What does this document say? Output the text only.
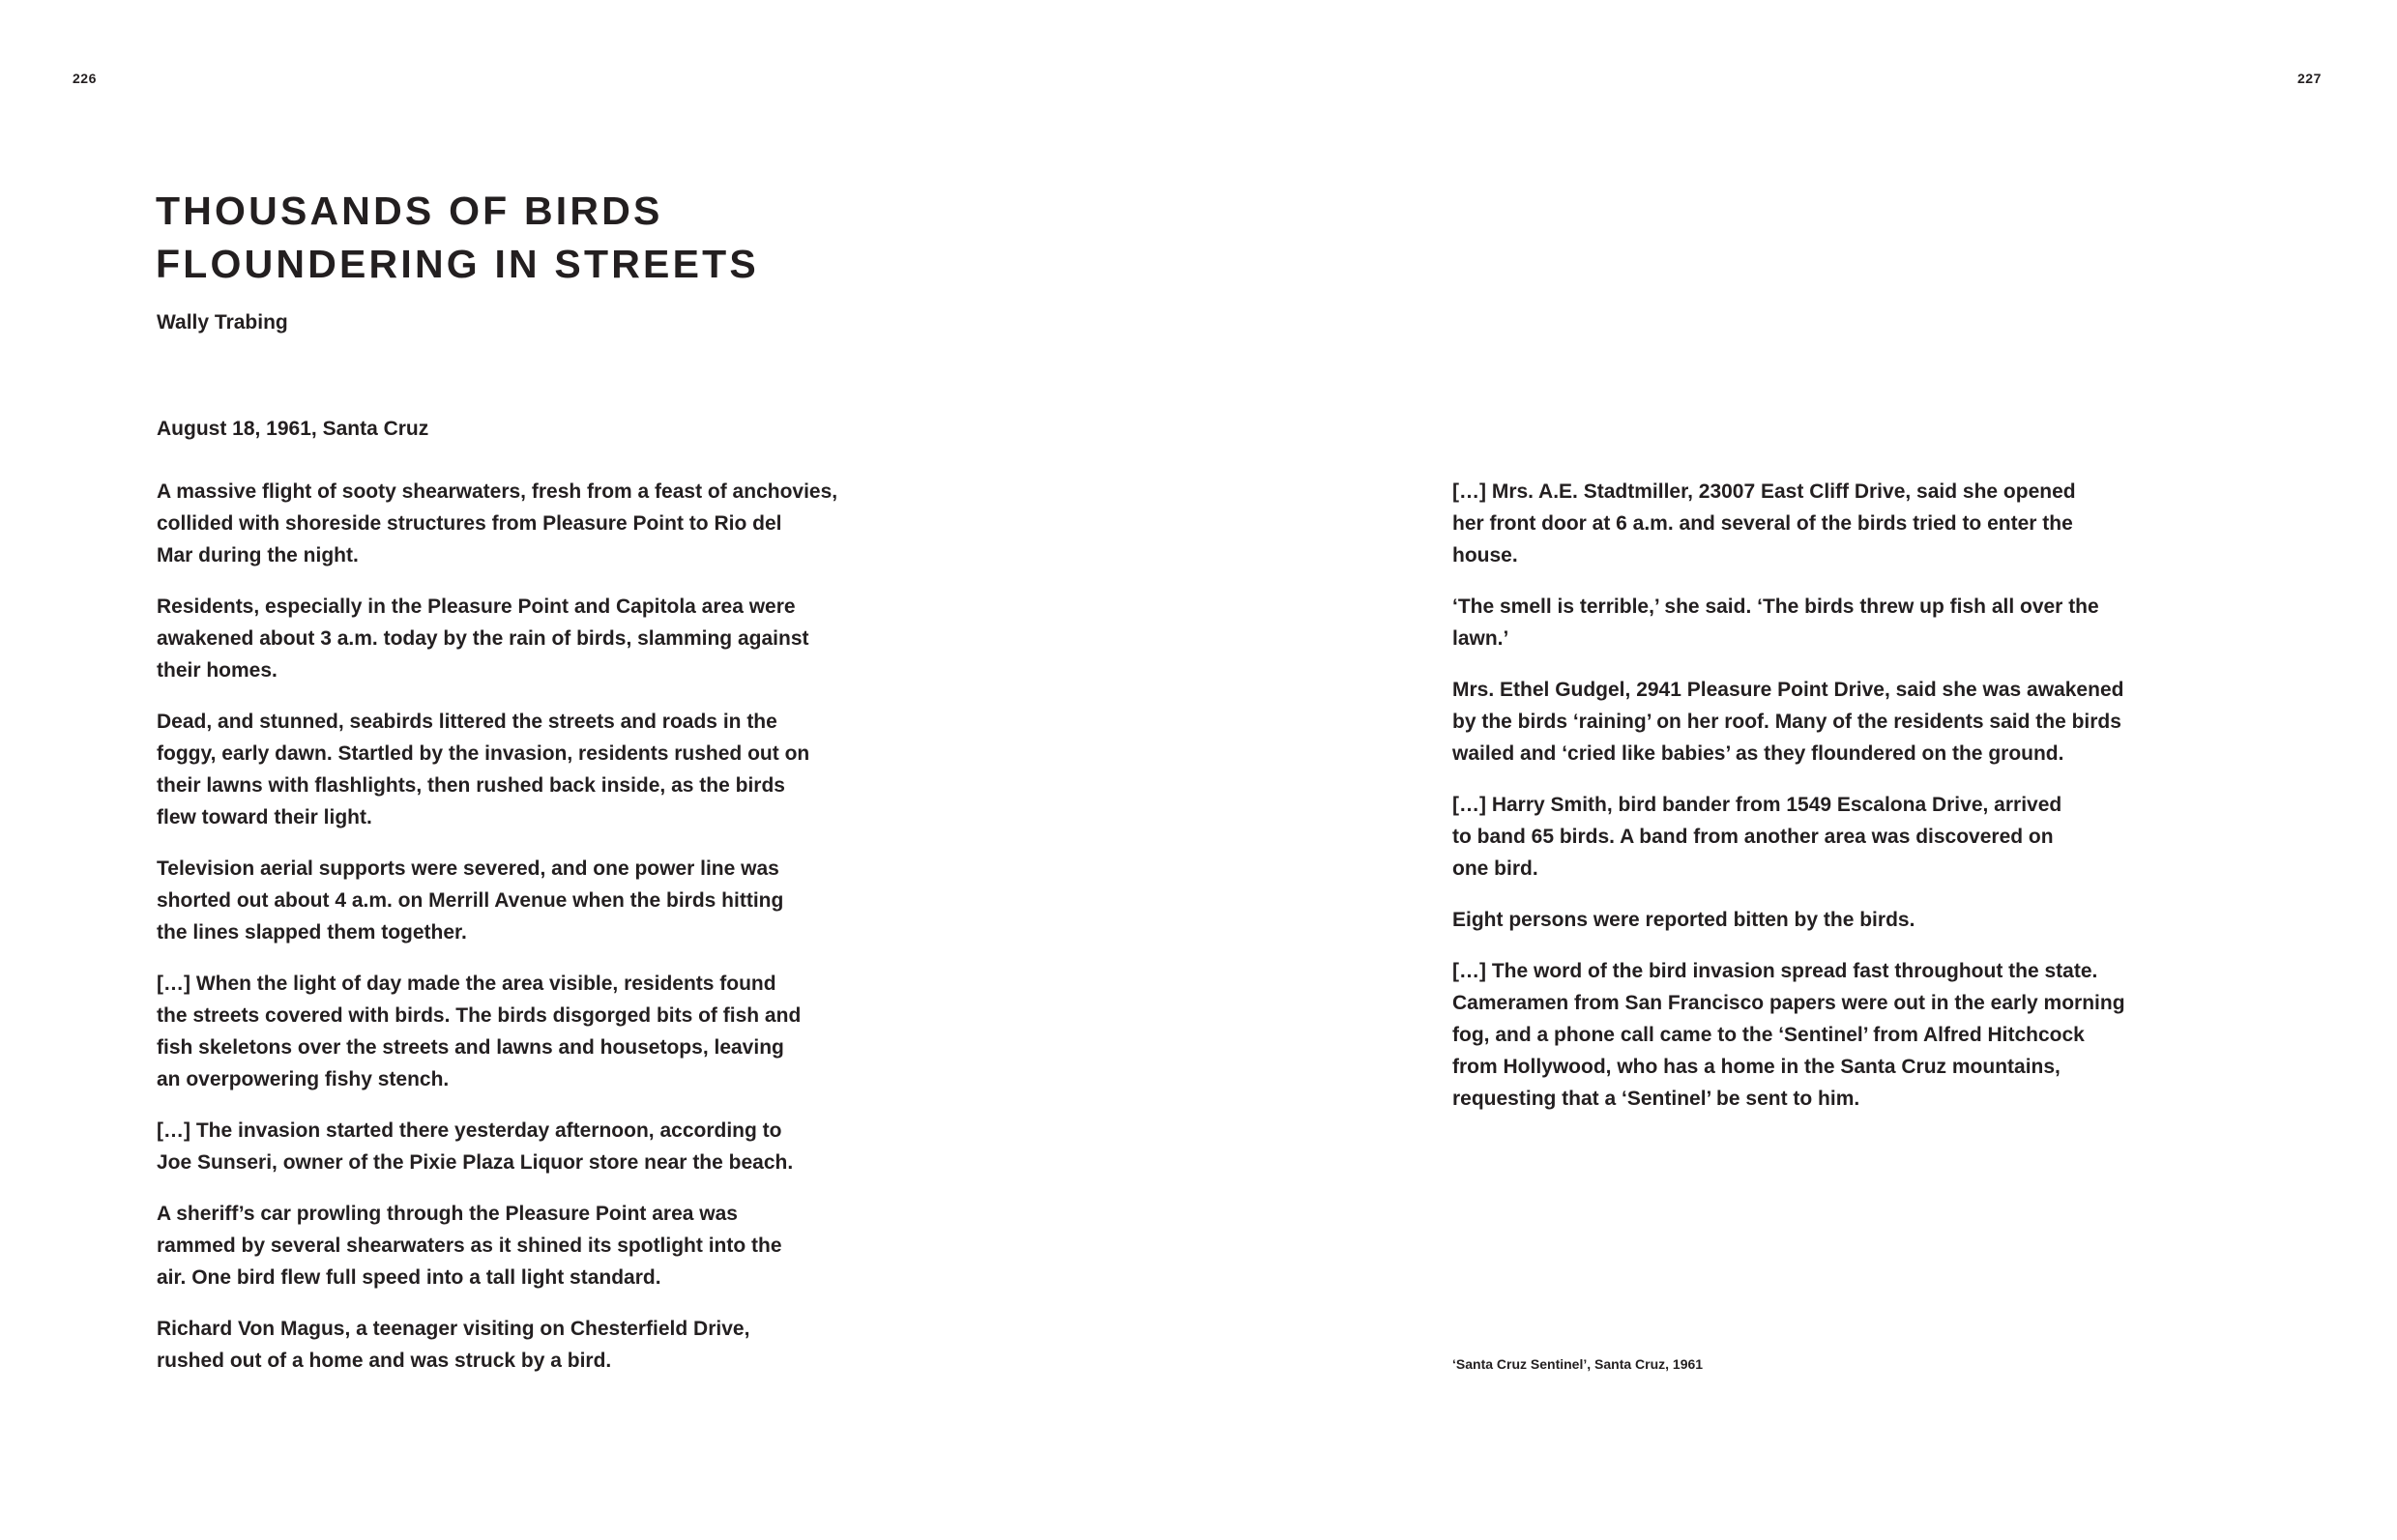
226
THOUSANDS OF BIRDS
FLOUNDERING IN STREETS
Wally Trabing
August 18, 1961, Santa Cruz

A massive flight of sooty shearwaters, fresh from a feast of anchovies,
collided with shoreside structures from Pleasure Point to Rio del
Mar during the night.

Residents, especially in the Pleasure Point and Capitola area were
awakened about 3 a.m. today by the rain of birds, slamming against
their homes.

Dead, and stunned, seabirds littered the streets and roads in the
foggy, early dawn. Startled by the invasion, residents rushed out on
their lawns with flashlights, then rushed back inside, as the birds
flew toward their light.

Television aerial supports were severed, and one power line was
shorted out about 4 a.m. on Merrill Avenue when the birds hitting
the lines slapped them together.

[…] When the light of day made the area visible, residents found
the streets covered with birds. The birds disgorged bits of fish and
fish skeletons over the streets and lawns and housetops, leaving
an overpowering fishy stench.

[…] The invasion started there yesterday afternoon, according to
Joe Sunseri, owner of the Pixie Plaza Liquor store near the beach.

A sheriff’s car prowling through the Pleasure Point area was
rammed by several shearwaters as it shined its spotlight into the
air. One bird flew full speed into a tall light standard.

Richard Von Magus, a teenager visiting on Chesterfield Drive,
rushed out of a home and was struck by a bird.

227

[…] Mrs. A.E. Stadtmiller, 23007 East Cliff Drive, said she opened
her front door at 6 a.m. and several of the birds tried to enter the
house.

‘The smell is terrible,’ she said. ‘The birds threw up fish all over the
lawn.’

Mrs. Ethel Gudgel, 2941 Pleasure Point Drive, said she was awakened
by the birds ‘raining’ on her roof. Many of the residents said the birds
wailed and ‘cried like babies’ as they floundered on the ground.

[…] Harry Smith, bird bander from 1549 Escalona Drive, arrived
to band 65 birds. A band from another area was discovered on
one bird.

Eight persons were reported bitten by the birds.

[…] The word of the bird invasion spread fast throughout the state.
Cameramen from San Francisco papers were out in the early morning
fog, and a phone call came to the ‘Sentinel’ from Alfred Hitchcock
from Hollywood, who has a home in the Santa Cruz mountains,
requesting that a ‘Sentinel’ be sent to him.

‘Santa Cruz Sentinel’, Santa Cruz, 1961
